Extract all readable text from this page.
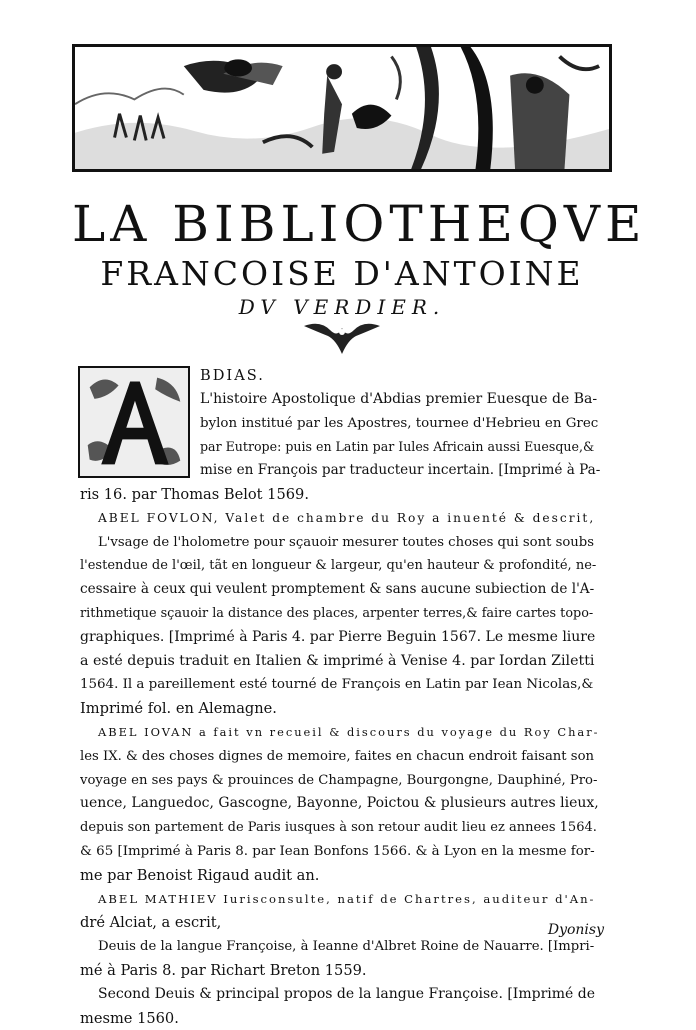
LA BIBLIOTHEQVE
FRANCOISE D'ANTOINE
DV VERDIER.
BDIAS.
L'histoire Apostolique d'Abdias premier Euesque de Ba-
bylon institué par les Apostres, tournee d'Hebrieu en Grec
par Eutrope: puis en Latin par Iules Africain aussi Euesque,&
mise en François par traducteur incertain. [Imprimé à Pa-
ris 16. par Thomas Belot 1569.
ABEL FOVLON, Valet de chambre du Roy a inuenté & descrit,
L'vsage de l'holometre pour sçauoir mesurer toutes choses qui sont soubs
l'estendue de l'œil, tãt en longueur & largeur, qu'en hauteur & profondité, ne-
cessaire à ceux qui veulent promptement & sans aucune subiection de l'A-
rithmetique sçauoir la distance des places, arpenter terres,& faire cartes topo-
graphiques. [Imprimé à Paris 4. par Pierre Beguin 1567. Le mesme liure
a esté depuis traduit en Italien & imprimé à Venise 4. par Iordan Ziletti
1564. Il a pareillement esté tourné de François en Latin par Iean Nicolas,&
Imprimé fol. en Alemagne.
ABEL IOVAN a fait vn recueil & discours du voyage du Roy Char-
les IX. & des choses dignes de memoire, faites en chacun endroit faisant son
voyage en ses pays & prouinces de Champagne, Bourgongne, Dauphiné, Pro-
uence, Languedoc, Gascogne, Bayonne, Poictou & plusieurs autres lieux,
depuis son partement de Paris iusques à son retour audit lieu ez annees 1564.
& 65 [Imprimé à Paris 8. par Iean Bonfons 1566. & à Lyon en la mesme for-
me par Benoist Rigaud audit an.
ABEL MATHIEV Iurisconsulte, natif de Chartres, auditeur d'An-
dré Alciat, a escrit,
Deuis de la langue Françoise, à Ieanne d'Albret Roine de Nauarre. [Impri-
mé à Paris 8. par Richart Breton 1559.
Second Deuis & principal propos de la langue Françoise. [Imprimé de
mesme 1560.
Dyonisy
